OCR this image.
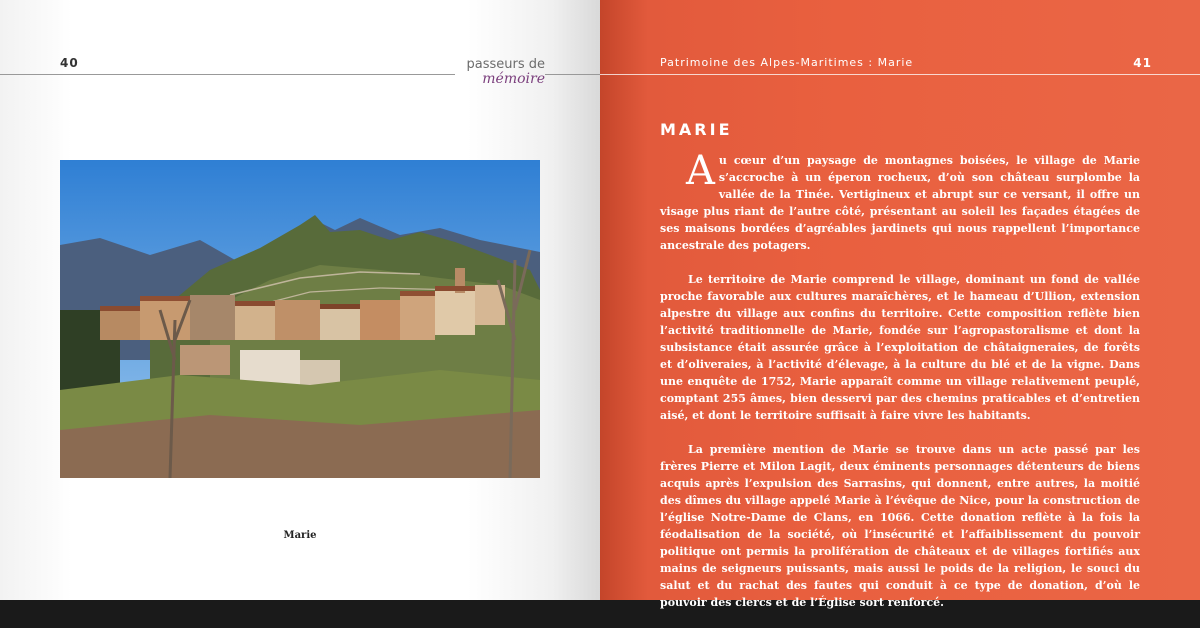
40	passeurs de
mémoire
Marie
Patrimoine des Alpes-Maritimes : Marie	41
MARIE

Au cœur d’un paysage de montagnes boisées, le village de Marie s’accroche à un éperon rocheux, d’où son château surplombe la vallée de la Tinée. Vertigineux et abrupt sur ce versant, il offre un visage plus riant de l’autre côté, présentant au soleil les façades étagées de ses maisons bordées d’agréables jardinets qui nous rappellent l’importance ancestrale des potagers.

Le territoire de Marie comprend le village, dominant un fond de vallée proche favorable aux cultures maraîchères, et le hameau d’Ullion, extension alpestre du village aux confins du territoire. Cette composition reflète bien l’activité traditionnelle de Marie, fondée sur l’agropastoralisme et dont la subsistance était assurée grâce à l’exploitation de châtaigneraies, de forêts et d’oliveraies, à l’activité d’élevage, à la culture du blé et de la vigne. Dans une enquête de 1752, Marie apparaît comme un village relativement peuplé, comptant 255 âmes, bien desservi par des chemins praticables et d’entretien aisé, et dont le territoire suffisait à faire vivre les habitants.

La première mention de Marie se trouve dans un acte passé par les frères Pierre et Milon Lagit, deux éminents personnages détenteurs de biens acquis après l’expulsion des Sarrasins, qui donnent, entre autres, la moitié des dîmes du village appelé Marie à l’évêque de Nice, pour la construction de l’église Notre-Dame de Clans, en 1066. Cette donation reflète à la fois la féodalisation de la société, où l’insécurité et l’affaiblissement du pouvoir politique ont permis la prolifération de châteaux et de villages fortifiés aux mains de seigneurs puissants, mais aussi le poids de la religion, le souci du salut et du rachat des fautes qui conduit à ce type de donation, d’où le pouvoir des clercs et de l’Église sort renforcé.
